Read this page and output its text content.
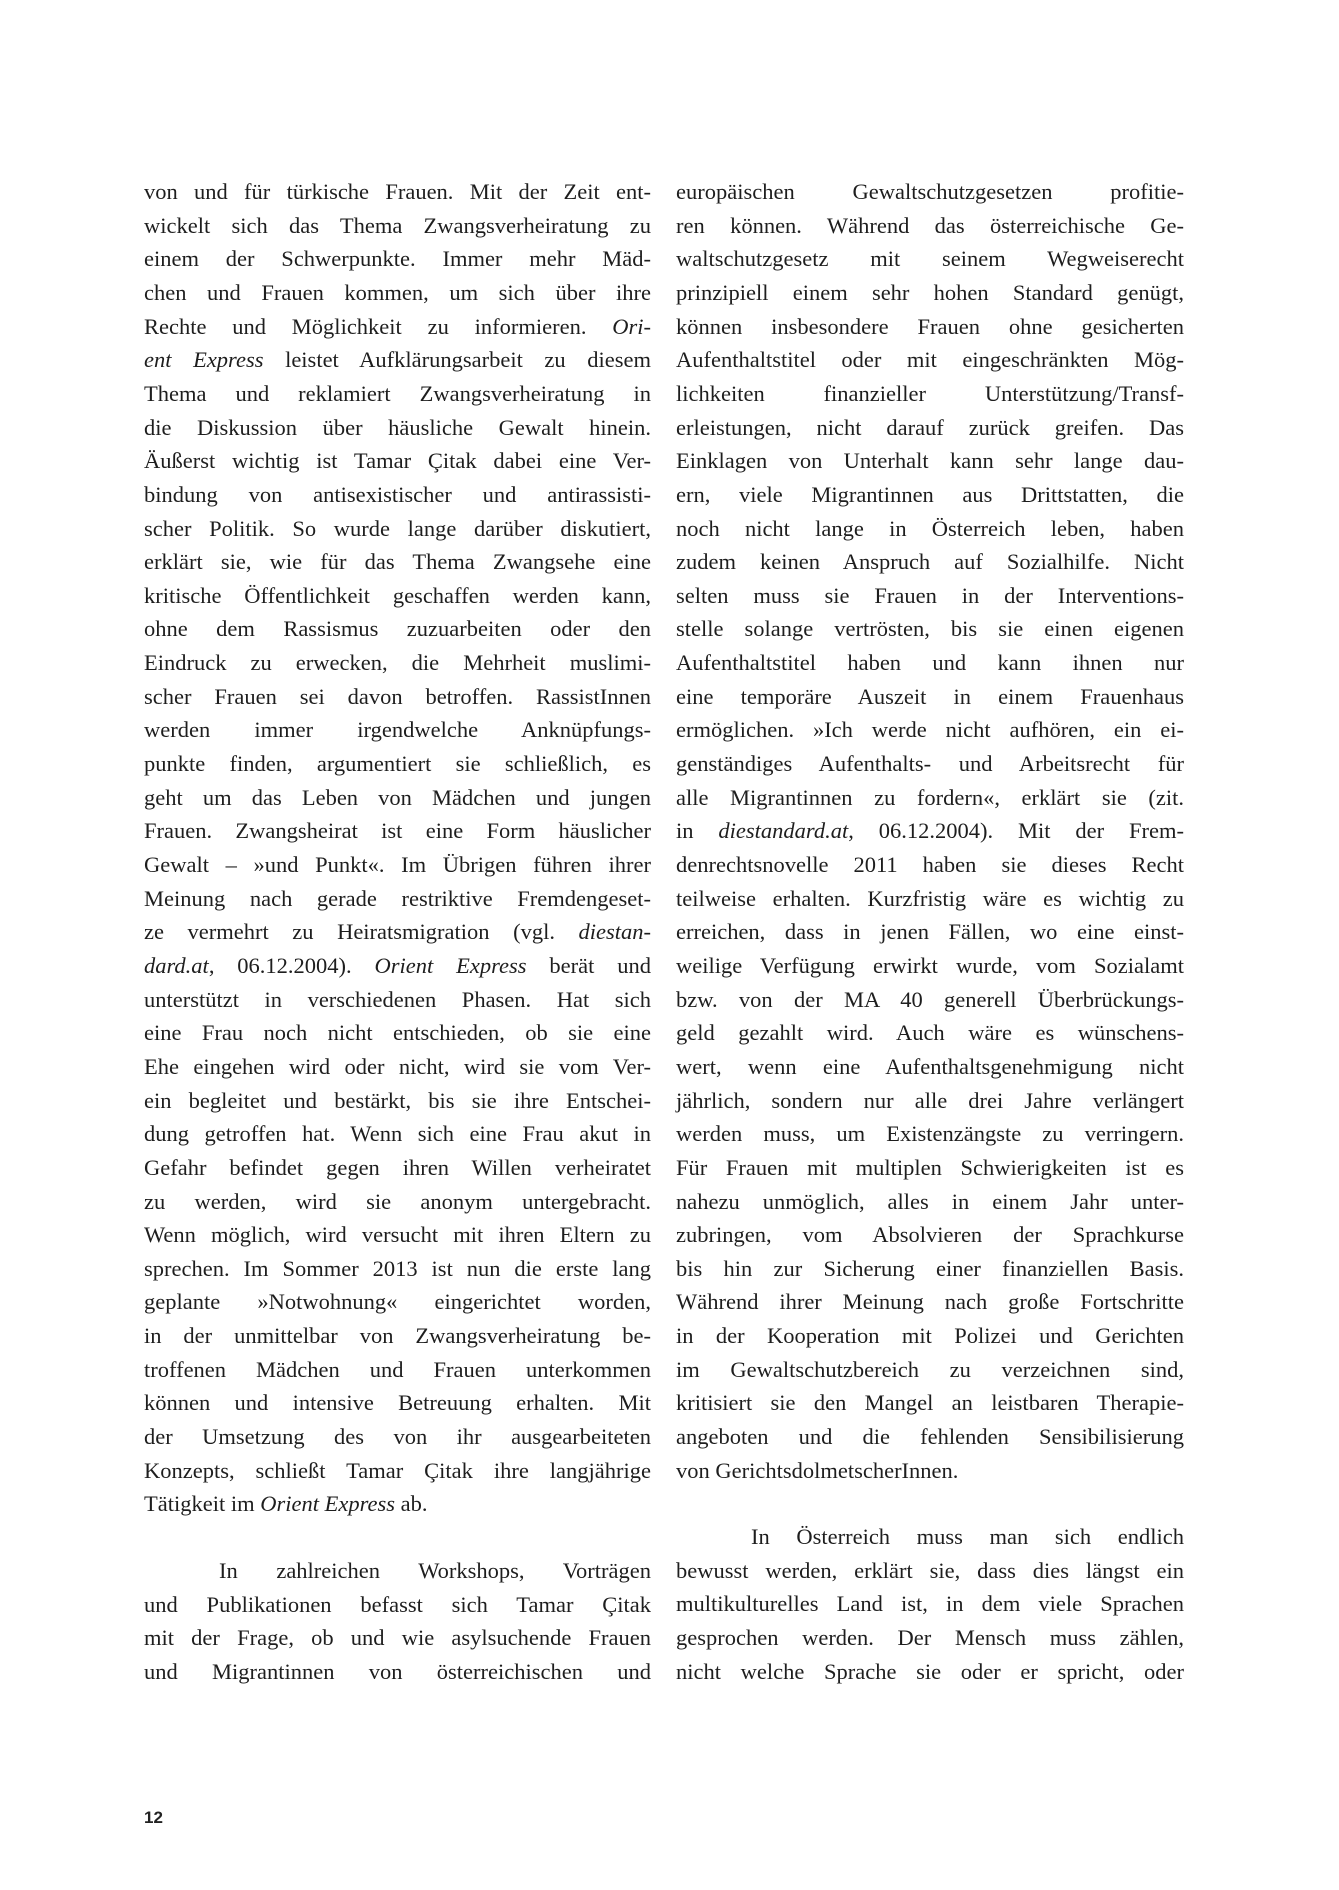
von und für türkische Frauen. Mit der Zeit ent-
wickelt sich das Thema Zwangsverheiratung zu
einem der Schwerpunkte. Immer mehr Mäd-
chen und Frauen kommen, um sich über ihre
Rechte und Möglichkeit zu informieren. Ori-
ent Express leistet Aufklärungsarbeit zu diesem
Thema und reklamiert Zwangsverheiratung in
die Diskussion über häusliche Gewalt hinein.
Äußerst wichtig ist Tamar Çitak dabei eine Ver-
bindung von antisexistischer und antirassisti-
scher Politik. So wurde lange darüber diskutiert,
erklärt sie, wie für das Thema Zwangsehe eine
kritische Öffentlichkeit geschaffen werden kann,
ohne dem Rassismus zuzuarbeiten oder den
Eindruck zu erwecken, die Mehrheit muslimi-
scher Frauen sei davon betroffen. RassistInnen
werden immer irgendwelche Anknüpfungs-
punkte finden, argumentiert sie schließlich, es
geht um das Leben von Mädchen und jungen
Frauen. Zwangsheirat ist eine Form häuslicher
Gewalt – »und Punkt«. Im Übrigen führen ihrer
Meinung nach gerade restriktive Fremdengeset-
ze vermehrt zu Heiratsmigration (vgl. diestan-
dard.at, 06.12.2004). Orient Express berät und
unterstützt in verschiedenen Phasen. Hat sich
eine Frau noch nicht entschieden, ob sie eine
Ehe eingehen wird oder nicht, wird sie vom Ver-
ein begleitet und bestärkt, bis sie ihre Entschei-
dung getroffen hat. Wenn sich eine Frau akut in
Gefahr befindet gegen ihren Willen verheiratet
zu werden, wird sie anonym untergebracht.
Wenn möglich, wird versucht mit ihren Eltern zu
sprechen. Im Sommer 2013 ist nun die erste lang
geplante »Notwohnung« eingerichtet worden,
in der unmittelbar von Zwangsverheiratung be-
troffenen Mädchen und Frauen unterkommen
können und intensive Betreuung erhalten. Mit
der Umsetzung des von ihr ausgearbeiteten
Konzepts, schließt Tamar Çitak ihre langjährige
Tätigkeit im Orient Express ab.
In zahlreichen Workshops, Vorträgen
und Publikationen befasst sich Tamar Çitak
mit der Frage, ob und wie asylsuchende Frauen
und Migrantinnen von österreichischen und
europäischen Gewaltschutzgesetzen profitie-
ren können. Während das österreichische Ge-
waltschutzgesetz mit seinem Wegweiserecht
prinzipiell einem sehr hohen Standard genügt,
können insbesondere Frauen ohne gesicherten
Aufenthaltstitel oder mit eingeschränkten Mög-
lichkeiten finanzieller Unterstützung/Transf-
erleistungen, nicht darauf zurück greifen. Das
Einklagen von Unterhalt kann sehr lange dau-
ern, viele Migrantinnen aus Drittstatten, die
noch nicht lange in Österreich leben, haben
zudem keinen Anspruch auf Sozialhilfe. Nicht
selten muss sie Frauen in der Interventions-
stelle solange vertrösten, bis sie einen eigenen
Aufenthaltstitel haben und kann ihnen nur
eine temporäre Auszeit in einem Frauenhaus
ermöglichen. »Ich werde nicht aufhören, ein ei-
genständiges Aufenthalts- und Arbeitsrecht für
alle Migrantinnen zu fordern«, erklärt sie (zit.
in diestandard.at, 06.12.2004). Mit der Frem-
denrechtsnovelle 2011 haben sie dieses Recht
teilweise erhalten. Kurzfristig wäre es wichtig zu
erreichen, dass in jenen Fällen, wo eine einst-
weilige Verfügung erwirkt wurde, vom Sozialamt
bzw. von der MA 40 generell Überbrückungs-
geld gezahlt wird. Auch wäre es wünschens-
wert, wenn eine Aufenthaltsgenehmigung nicht
jährlich, sondern nur alle drei Jahre verlängert
werden muss, um Existenzängste zu verringern.
Für Frauen mit multiplen Schwierigkeiten ist es
nahezu unmöglich, alles in einem Jahr unter-
zubringen, vom Absolvieren der Sprachkurse
bis hin zur Sicherung einer finanziellen Basis.
Während ihrer Meinung nach große Fortschritte
in der Kooperation mit Polizei und Gerichten
im Gewaltschutzbereich zu verzeichnen sind,
kritisiert sie den Mangel an leistbaren Therapie-
angeboten und die fehlenden Sensibilisierung
von GerichtsdolmetscherInnen.
In Österreich muss man sich endlich
bewusst werden, erklärt sie, dass dies längst ein
multikulturelles Land ist, in dem viele Sprachen
gesprochen werden. Der Mensch muss zählen,
nicht welche Sprache sie oder er spricht, oder
12
